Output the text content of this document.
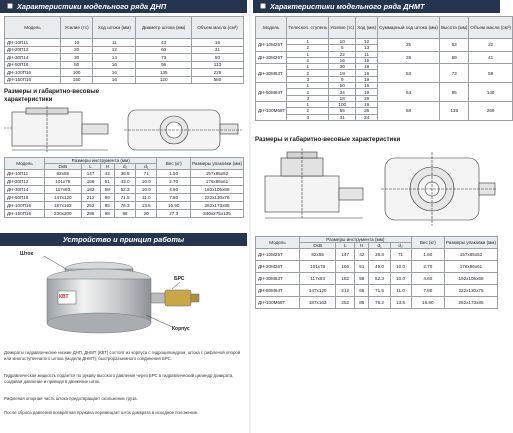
Характеристики модельного ряда ДНП
Модель	Усилие (тс)	Ход штока (мм)	Диаметр штока (мм)	Объем масла (см³)
ДН-10П11	10	11	43	16
ДН-20П12	20	12	60	31
ДН-30П14	30	14	73	50
ДН-50П16	50	16	95	113
ДН-100П16	100	16	135	229
ДН-150П16	150	16	120	580
Размеры и габаритно-весовые характеристики
Модель	Размеры инструмента (мм)					Вес (кг)	Размеры упаковки (мм)
	DxB	L	H	d₁	d₂		
ДН-10П11	82х55	147	42	36.8	71	1.50	157х85х52
ДН-20П12	101х76	166	51	43.0	10.0	2.70	176х86х61
ДН-30П14	117х93	182	58	52.3	10.0	4.60	192х105х68
ДН-50П16	147х120	212	66	71.5	11.0	7.80	222х130х76
ДН-100П16	187х163	252	85	76.3	13.5	16.90	262х173х85
ДН-150П16	230х200	295	98	98	20	27.3	340х275х135
Устройство и принцип работы
КВТ
Шток
БРС
Корпус
Домкраты гидравлические низкие ДНП, ДНМТ (КВТ) состоят из корпуса с гидроцилиндром, штока с рифленой опорой или многоступенчатого штока (модели ДНМТ), быстроразъемного соединения БРС.
Гидравлическая жидкость подается по рукаву высокого давления через БРС в гидравлический цилиндр домкрата, создавая давление и приводя в движение шток.
Рифленая опорная часть штока предотвращает скольжение груза.
После сброса давления возвратная пружина перемещает шток домкрата в исходное положение.
Характеристики модельного ряда ДНМТ
Модель	Телескоп. ступень	Усилие (тс)	Ход (мм)	Суммарный ход штока (мм)	Высота (мм)	Объем масла (см³)
ДН-10М25Т	1	10	12	25	63	22
	2	5	13			
ДН-20М26Т	1	22	11	26	69	41
	2	16	15			
ДН-30М53Т	1	30	18	53	73	59
	2	19	16			
	3	9	19			
ДН-50М64Т	1	50	16	64	95	148
	2	34	19			
	3	18	29			
ДН-100М68Т	1	100	16	68	135	269
	2	55	26			
	3	31	24			
Размеры и габаритно-весовые характеристики
Модель	Размеры инструмента (мм)					Вес (кг)	Размеры упаковки (мм)
	DxB	L	H	d₁	d₂		
ДН-10М25Т	82х55	147	42	36.8	71	1.60	157х85х52
ДН-20М26Т	101х76	166	51	49.0	10.0	2.70	176х86х61
ДН-30М53Т	117х93	182	58	52.3	10.0	4.60	192х105х68
ДН-50М64Т	147х120	212	66	71.5	11.0	7.80	222х130х76
ДН-100М68Т	187х163	252	85	76.2	13.5	16.90	262х173х85
